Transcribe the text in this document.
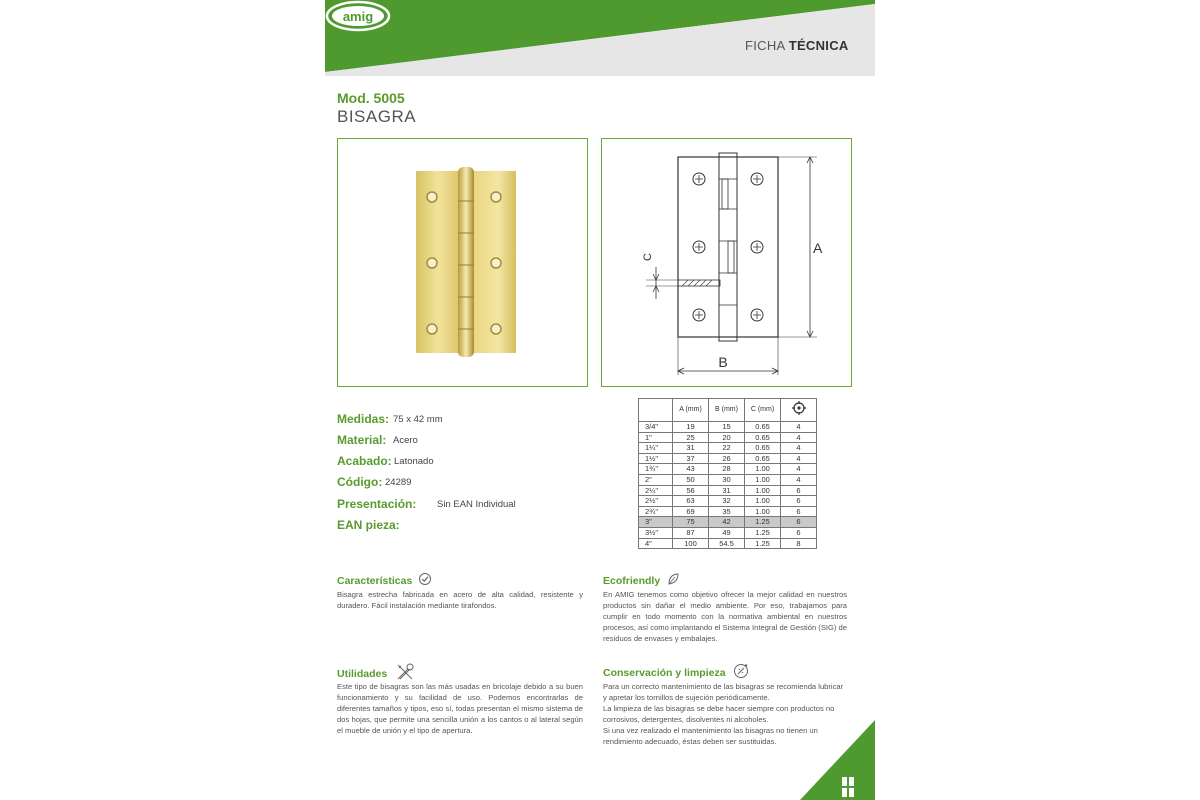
amig
FICHA TÉCNICA
Mod. 5005
BISAGRA
C
A
B
Medidas: 75 x 42 mm
Material: Acero
Acabado: Latonado
Código: 24289
Presentación: Sin EAN Individual
EAN pieza:
	A (mm)	B (mm)	C (mm)	
3/4"	19	15	0.65	4
1"	25	20	0.65	4
1¼"	31	22	0.65	4
1½"	37	26	0.65	4
1¾"	43	28	1.00	4
2"	50	30	1.00	4
2¼"	56	31	1.00	6
2½"	63	32	1.00	6
2¾"	69	35	1.00	6
3"	75	42	1.25	6
3½"	87	49	1.25	6
4"	100	54.5	1.25	8
Características
Bisagra estrecha fabricada en acero de alta calidad, resistente y duradero. Fácil instalación mediante tirafondos.
Ecofriendly
En AMIG tenemos como objetivo ofrecer la mejor calidad en nuestros productos sin dañar el medio ambiente. Por eso, trabajamos para cumplir en todo momento con la normativa ambiental en nuestros procesos, así como implantando el Sistema Integral de Gestión (SIG) de residuos de envases y embalajes.
Utilidades
Este tipo de bisagras son las más usadas en bricolaje debido a su buen funcionamiento y su facilidad de uso. Podemos encontrarlas de diferentes tamaños y tipos, eso sí, todas presentan el mismo sistema de dos hojas, que permite una sencilla unión a los cantos o al lateral según el mueble de unión y el tipo de apertura.
Conservación y limpieza

Para un correcto mantenimiento de las bisagras se recomienda lubricar y apretar los tornillos de sujeción periódicamente.

La limpieza de las bisagras se debe hacer siempre con productos no corrosivos, detergentes, disolventes ni alcoholes.

Si una vez realizado el mantenimiento las bisagras no tienen un rendimiento adecuado, éstas deben ser sustituidas.
